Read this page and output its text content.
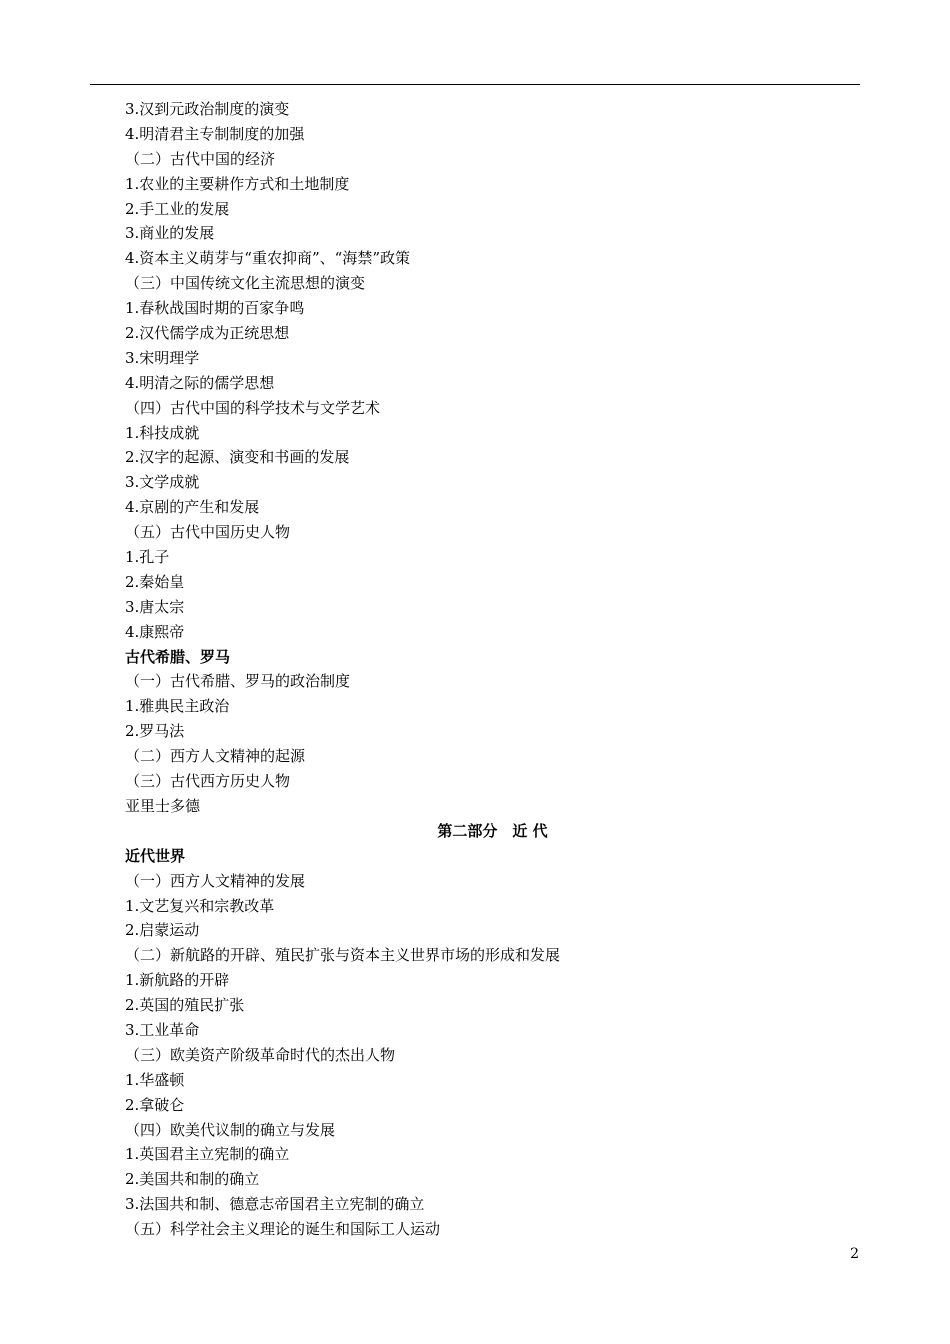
3.汉到元政治制度的演变
4.明清君主专制制度的加强
（二）古代中国的经济
1.农业的主要耕作方式和土地制度
2.手工业的发展
3.商业的发展
4.资本主义萌芽与“重农抑商”、“海禁”政策
（三）中国传统文化主流思想的演变
1.春秋战国时期的百家争鸣
2.汉代儒学成为正统思想
3.宋明理学
4.明清之际的儒学思想
（四）古代中国的科学技术与文学艺术
1.科技成就
2.汉字的起源、演变和书画的发展
3.文学成就
4.京剧的产生和发展
（五）古代中国历史人物
1.孔子
2.秦始皇
3.唐太宗
4.康熙帝
古代希腊、罗马
（一）古代希腊、罗马的政治制度
1.雅典民主政治
2.罗马法
（二）西方人文精神的起源
（三）古代西方历史人物
亚里士多德
第二部分　近 代
近代世界
（一）西方人文精神的发展
1.文艺复兴和宗教改革
2.启蒙运动
（二）新航路的开辟、殖民扩张与资本主义世界市场的形成和发展
1.新航路的开辟
2.英国的殖民扩张
3.工业革命
（三）欧美资产阶级革命时代的杰出人物
1.华盛顿
2.拿破仑
（四）欧美代议制的确立与发展
1.英国君主立宪制的确立
2.美国共和制的确立
3.法国共和制、德意志帝国君主立宪制的确立
（五）科学社会主义理论的诞生和国际工人运动
2
